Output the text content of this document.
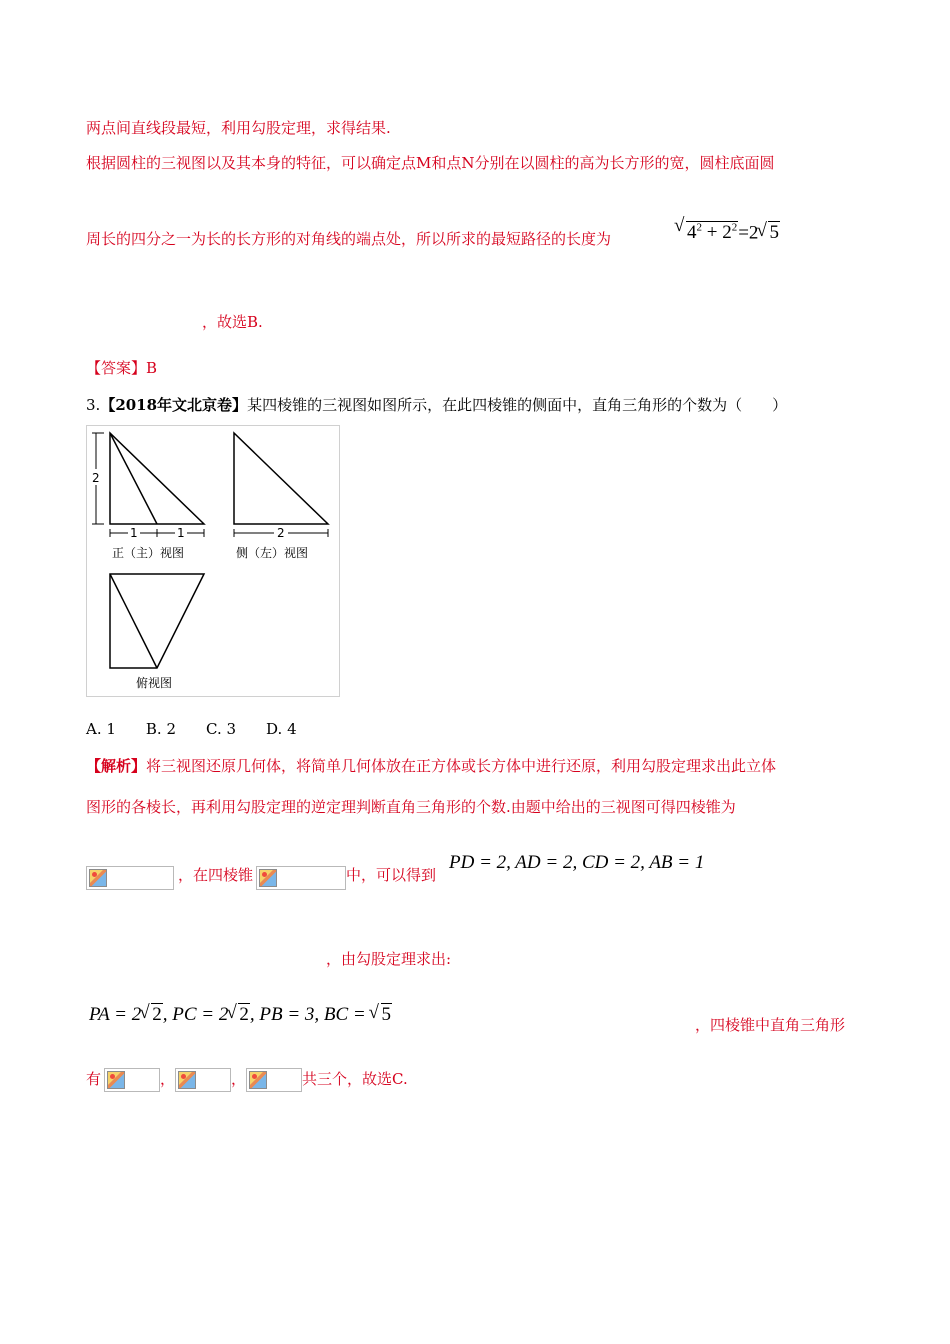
两点间直线段最短，利用勾股定理，求得结果.
根据圆柱的三视图以及其本身的特征，可以确定点M和点N分别在以圆柱的高为长方形的宽，圆柱底面圆
周长的四分之一为长的长方形的对角线的端点处，所以所求的最短路径的长度为
√	$4^2 + 2^2=2√$ 5
，故选B.
【答案】B
3.【2018年文北京卷】某四棱锥的三视图如图所示，在此四棱锥的侧面中，直角三角形的个数为（　　）
2
1	1
正（主）视图
2
侧（左）视图
俯视图
A. 1　　B. 2　　C. 3　　D. 4
【解析】将三视图还原几何体，将简单几何体放在正方体或长方体中进行还原，利用勾股定理求出此立体
图形的各棱长，再利用勾股定理的逆定理判断直角三角形的个数.由题中给出的三视图可得四棱锥为
，在四棱锥	中，可以得到
PD = 2, AD = 2, CD = 2, AB = 1
，由勾股定理求出:
PA = 2√ 2, PC = 2√ 2, PB = 3, BC = √ 5	，四棱锥中直角三角形
有	，	，	共三个，故选C.
